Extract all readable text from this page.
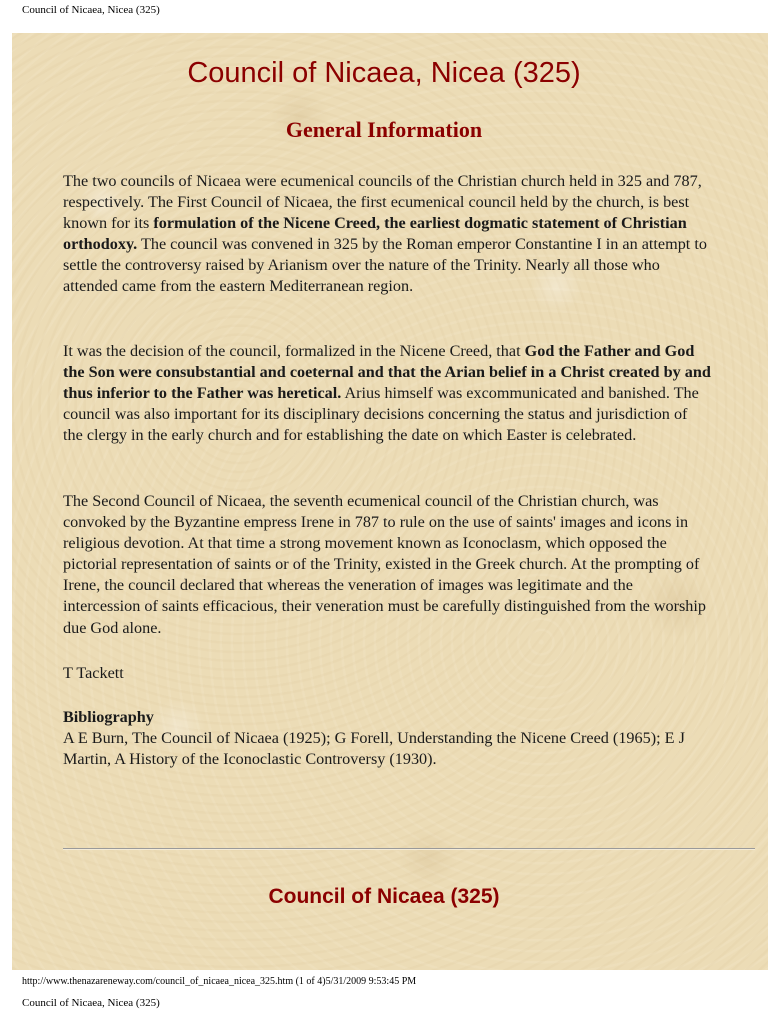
Council of Nicaea, Nicea (325)
Council of Nicaea, Nicea (325)
General Information

The two councils of Nicaea were ecumenical councils of the Christian church held in 325 and 787, respectively. The First Council of Nicaea, the first ecumenical council held by the church, is best known for its formulation of the Nicene Creed, the earliest dogmatic statement of Christian orthodoxy. The council was convened in 325 by the Roman emperor Constantine I in an attempt to settle the controversy raised by Arianism over the nature of the Trinity. Nearly all those who attended came from the eastern Mediterranean region.

It was the decision of the council, formalized in the Nicene Creed, that God the Father and God the Son were consubstantial and coeternal and that the Arian belief in a Christ created by and thus inferior to the Father was heretical. Arius himself was excommunicated and banished. The council was also important for its disciplinary decisions concerning the status and jurisdiction of the clergy in the early church and for establishing the date on which Easter is celebrated.

The Second Council of Nicaea, the seventh ecumenical council of the Christian church, was convoked by the Byzantine empress Irene in 787 to rule on the use of saints' images and icons in religious devotion. At that time a strong movement known as Iconoclasm, which opposed the pictorial representation of saints or of the Trinity, existed in the Greek church. At the prompting of Irene, the council declared that whereas the veneration of images was legitimate and the intercession of saints efficacious, their veneration must be carefully distinguished from the worship due God alone.

T Tackett

Bibliography

A E Burn, The Council of Nicaea (1925); G Forell, Understanding the Nicene Creed (1965); E J Martin, A History of the Iconoclastic Controversy (1930).

Council of Nicaea (325)
http://www.thenazareneway.com/council_of_nicaea_nicea_325.htm (1 of 4)5/31/2009 9:53:45 PM
Council of Nicaea, Nicea (325)
